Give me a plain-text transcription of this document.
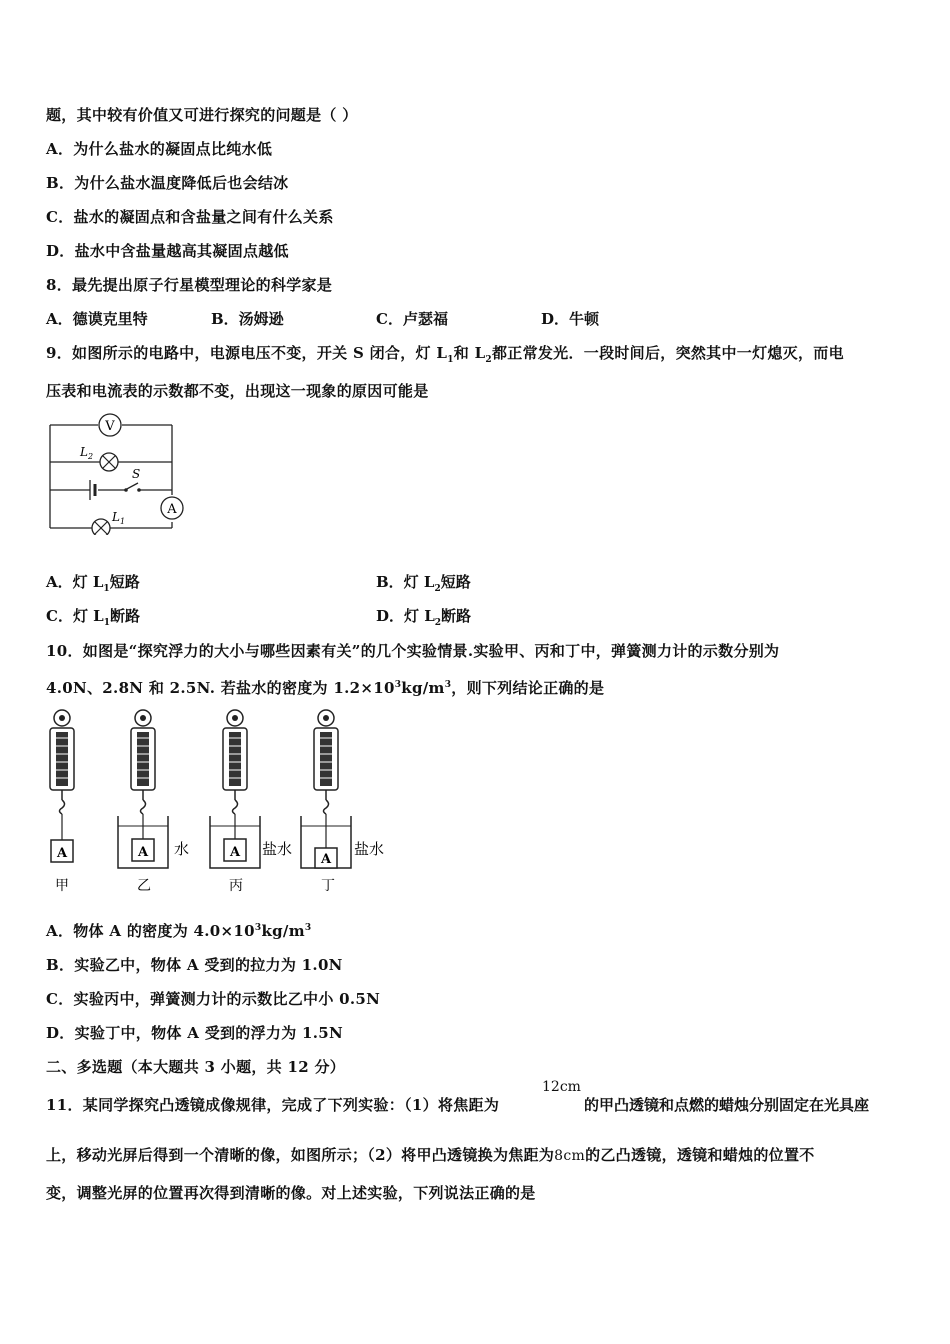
题，其中较有价值又可进行探究的问题是（ ）
A．为什么盐水的凝固点比纯水低
B．为什么盐水温度降低后也会结冰
C．盐水的凝固点和含盐量之间有什么关系
D．盐水中含盐量越高其凝固点越低
8．最先提出原子行星模型理论的科学家是
A．德谟克里特	B．汤姆逊	C．卢瑟福	D．牛顿
9．如图所示的电路中，电源电压不变，开关 S 闭合，灯 $L_1$和 $L_2$都正常发光．一段时间后，突然其中一灯熄灭，而电
压表和电流表的示数都不变，出现这一现象的原因可能是
V
$L_2$
S
A
$L_1$
A．灯 $L_1$短路	B．灯 $L_2$短路
C．灯 $L_1$断路	D．灯 $L_2$断路
10．如图是“探究浮力的大小与哪些因素有关”的几个实验情景.实验甲、丙和丁中，弹簧测力计的示数分别为
4.0N、2.8N 和 2.5N. 若盐水的密度为 $1.2\times 10^3kg/m^3$，则下列结论正确的是
A
甲
A 水
乙
A 盐水
丙
A
盐水
丁
A．物体 A 的密度为 $4.0\times 10^3kg/m^3$
B．实验乙中，物体 A 受到的拉力为 1.0N
C．实验丙中，弹簧测力计的示数比乙中小 0.5N
D．实验丁中，物体 A 受到的浮力为 1.5N
二、多选题（本大题共 3 小题，共 12 分）
12cm
11．某同学探究凸透镜成像规律，完成了下列实验：（1）将焦距为	的甲凸透镜和点燃的蜡烛分别固定在光具座
上，移动光屏后得到一个清晰的像，如图所示；（2）将甲凸透镜换为焦距为8cm的乙凸透镜，透镜和蜡烛的位置不
变，调整光屏的位置再次得到清晰的像。对上述实验，下列说法正确的是
